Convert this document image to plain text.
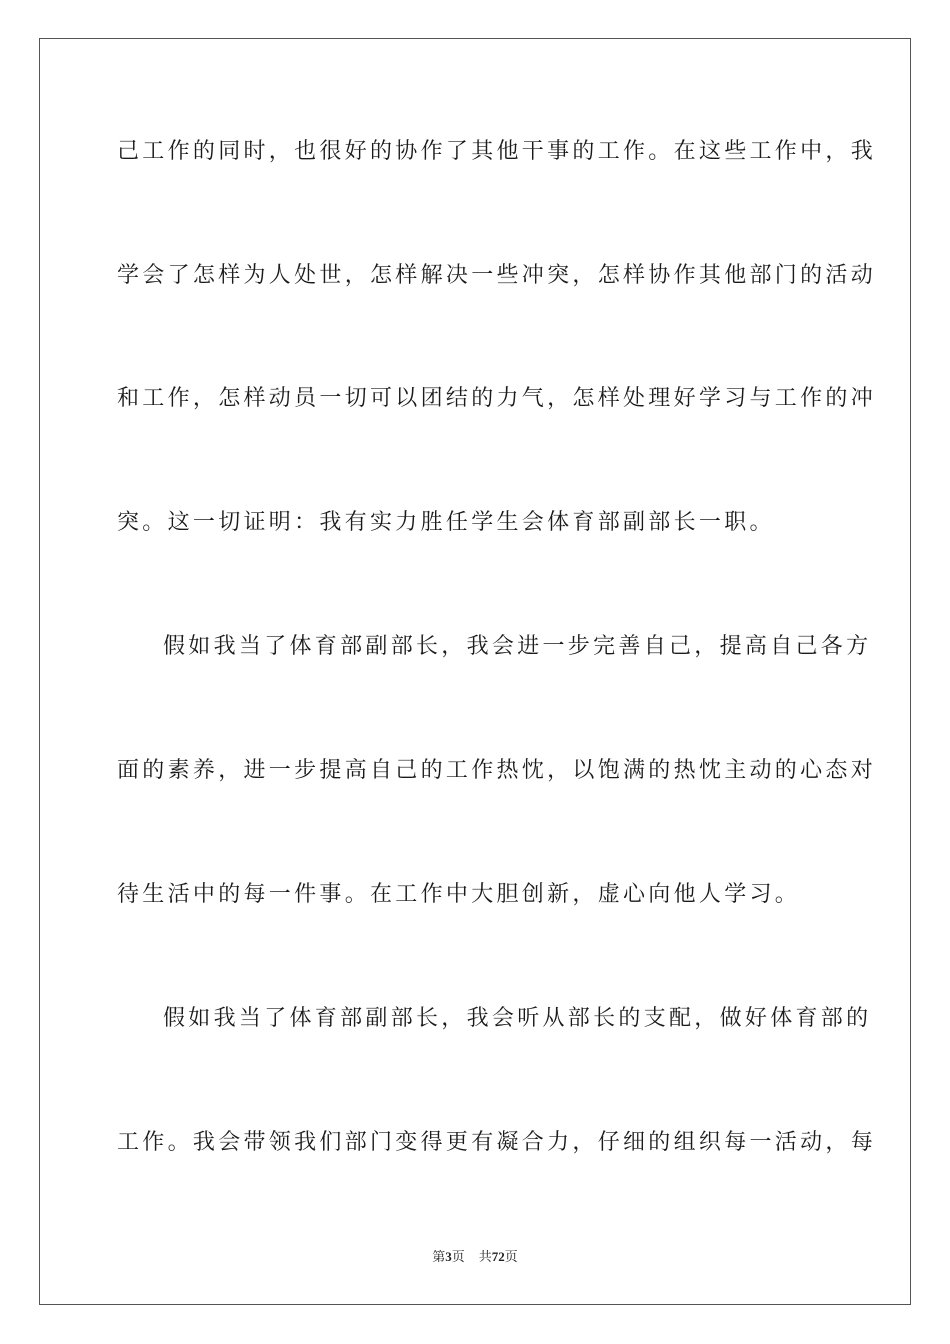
己工作的同时，也很好的协作了其他干事的工作。在这些工作中，我
学会了怎样为人处世，怎样解决一些冲突，怎样协作其他部门的活动
和工作，怎样动员一切可以团结的力气，怎样处理好学习与工作的冲
突。这一切证明：我有实力胜任学生会体育部副部长一职。
假如我当了体育部副部长，我会进一步完善自己，提高自己各方
面的素养，进一步提高自己的工作热忱，以饱满的热忱主动的心态对
待生活中的每一件事。在工作中大胆创新，虚心向他人学习。
假如我当了体育部副部长，我会听从部长的支配，做好体育部的
工作。我会带领我们部门变得更有凝合力，仔细的组织每一活动，每
第3页 共72页
